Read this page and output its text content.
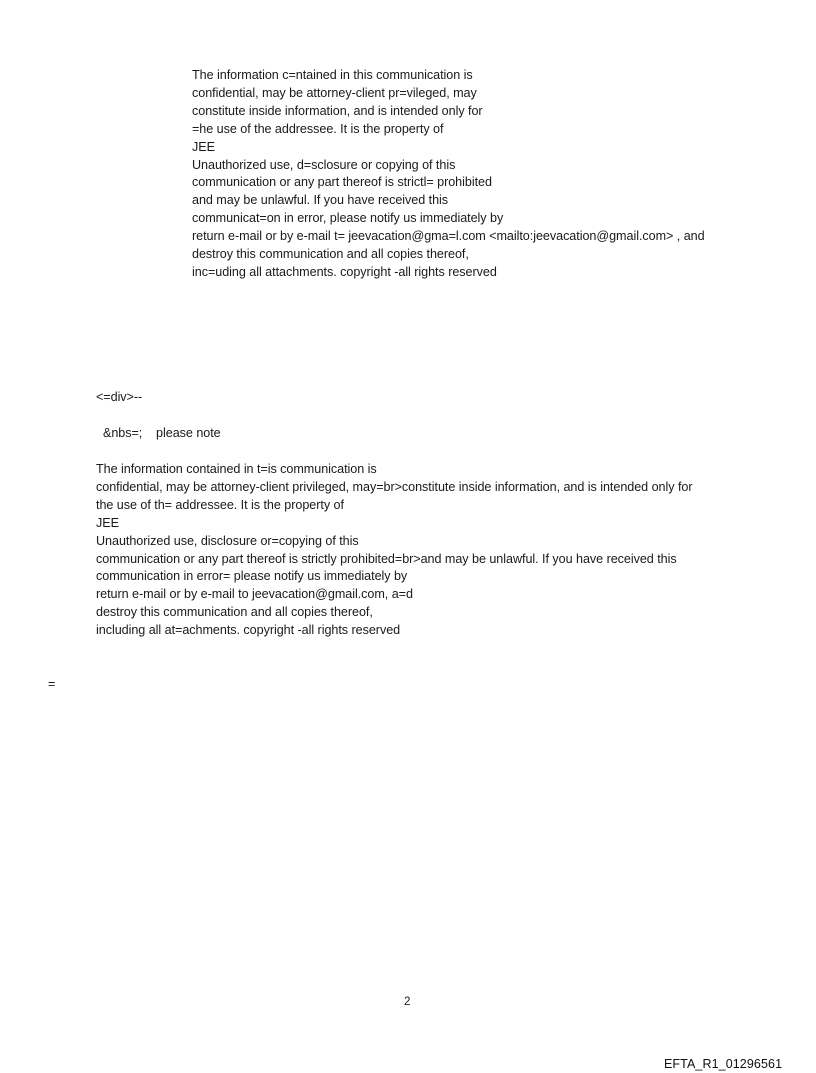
The information c=ntained in this communication is
confidential, may be attorney-client pr=vileged, may
constitute inside information, and is intended only for
=he use of the addressee. It is the property of
JEE
Unauthorized use, d=sclosure or copying of this
communication or any part thereof is strictl= prohibited
and may be unlawful. If you have received this
communicat=on in error, please notify us immediately by
return e-mail or by e-mail t= jeevacation@gma=l.com <mailto:jeevacation@gmail.com> , and
destroy this communication and all copies thereof,
inc=uding all attachments. copyright -all rights reserved
<=div>--
&nbs=;    please note
The information contained in t=is communication is
confidential, may be attorney-client privileged, may=br>constitute inside information, and is intended only for
the use of th= addressee. It is the property of
JEE
Unauthorized use, disclosure or=copying of this
communication or any part thereof is strictly prohibited=br>and may be unlawful. If you have received this
communication in error= please notify us immediately by
return e-mail or by e-mail to jeevacation@gmail.com, a=d
destroy this communication and all copies thereof,
including all at=achments. copyright -all rights reserved
=
2
EFTA_R1_01296561
